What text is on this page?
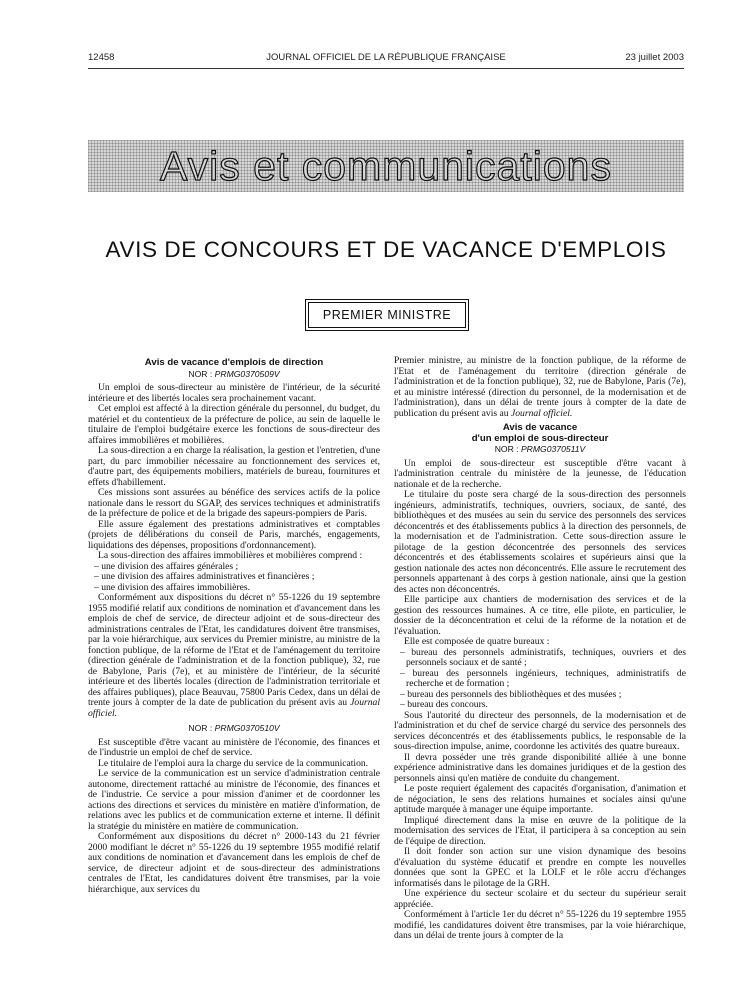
12458	JOURNAL OFFICIEL DE LA RÉPUBLIQUE FRANÇAISE	23 juillet 2003
Avis et communications
AVIS DE CONCOURS ET DE VACANCE D'EMPLOIS
PREMIER MINISTRE

Avis de vacance d'emplois de direction

NOR : PRMG0370509V

Un emploi de sous-directeur au ministère de l'intérieur, de la sécurité intérieure et des libertés locales sera prochainement vacant.

Cet emploi est affecté à la direction générale du personnel, du budget, du matériel et du contentieux de la préfecture de police, au sein de laquelle le titulaire de l'emploi budgétaire exerce les fonctions de sous-directeur des affaires immobilières et mobilières.

La sous-direction a en charge la réalisation, la gestion et l'entretien, d'une part, du parc immobilier nécessaire au fonctionnement des services et, d'autre part, des équipements mobiliers, matériels de bureau, fournitures et effets d'habillement.

Ces missions sont assurées au bénéfice des services actifs de la police nationale dans le ressort du SGAP, des services techniques et administratifs de la préfecture de police et de la brigade des sapeurs-pompiers de Paris.

Elle assure également des prestations administratives et comptables (projets de délibérations du conseil de Paris, marchés, engagements, liquidations des dépenses, propositions d'ordonnancement).

La sous-direction des affaires immobilières et mobilières comprend :

– une division des affaires générales ;
– une division des affaires administratives et financières ;
– une division des affaires immobilières.

Conformément aux dispositions du décret n° 55-1226 du 19 septembre 1955 modifié relatif aux conditions de nomination et d'avancement dans les emplois de chef de service, de directeur adjoint et de sous-directeur des administrations centrales de l'Etat, les candidatures doivent être transmises, par la voie hiérarchique, aux services du Premier ministre, au ministre de la fonction publique, de la réforme de l'Etat et de l'aménagement du territoire (direction générale de l'administration et de la fonction publique), 32, rue de Babylone, Paris (7e), et au ministère de l'intérieur, de la sécurité intérieure et des libertés locales (direction de l'administration territoriale et des affaires publiques), place Beauvau, 75800 Paris Cedex, dans un délai de trente jours à compter de la date de publication du présent avis au Journal officiel.

NOR : PRMG0370510V

Est susceptible d'être vacant au ministère de l'économie, des finances et de l'industrie un emploi de chef de service.

Le titulaire de l'emploi aura la charge du service de la communication.

Le service de la communication est un service d'administration centrale autonome, directement rattaché au ministre de l'économie, des finances et de l'industrie. Ce service a pour mission d'animer et de coordonner les actions des directions et services du ministère en matière d'information, de relations avec les publics et de communication externe et interne. Il définit la stratégie du ministère en matière de communication.

Conformément aux dispositions du décret n° 2000-143 du 21 février 2000 modifiant le décret n° 55-1226 du 19 septembre 1955 modifié relatif aux conditions de nomination et d'avancement dans les emplois de chef de service, de directeur adjoint et de sous-directeur des administrations centrales de l'Etat, les candidatures doivent être transmises, par la voie hiérarchique, aux services du

Premier ministre, au ministre de la fonction publique, de la réforme de l'Etat et de l'aménagement du territoire (direction générale de l'administration et de la fonction publique), 32, rue de Babylone, Paris (7e), et au ministre intéressé (direction du personnel, de la modernisation et de l'administration), dans un délai de trente jours à compter de la date de publication du présent avis au Journal officiel.

Avis de vacance

d'un emploi de sous-directeur

NOR : PRMG0370511V

Un emploi de sous-directeur est susceptible d'être vacant à l'administration centrale du ministère de la jeunesse, de l'éducation nationale et de la recherche.

Le titulaire du poste sera chargé de la sous-direction des personnels ingénieurs, administratifs, techniques, ouvriers, sociaux, de santé, des bibliothèques et des musées au sein du service des personnels des services déconcentrés et des établissements publics à la direction des personnels, de la modernisation et de l'administration. Cette sous-direction assure le pilotage de la gestion déconcentrée des personnels des services déconcentrés et des établissements scolaires et supérieurs ainsi que la gestion nationale des actes non déconcentrés. Elle assure le recrutement des personnels appartenant à des corps à gestion nationale, ainsi que la gestion des actes non déconcentrés.

Elle participe aux chantiers de modernisation des services et de la gestion des ressources humaines. A ce titre, elle pilote, en particulier, le dossier de la déconcentration et celui de la réforme de la notation et de l'évaluation.

Elle est composée de quatre bureaux :

– bureau des personnels administratifs, techniques, ouvriers et des personnels sociaux et de santé ;
– bureau des personnels ingénieurs, techniques, administratifs de recherche et de formation ;
– bureau des personnels des bibliothèques et des musées ;
– bureau des concours.

Sous l'autorité du directeur des personnels, de la modernisation et de l'administration et du chef de service chargé du service des personnels des services déconcentrés et des établissements publics, le responsable de la sous-direction impulse, anime, coordonne les activités des quatre bureaux.

Il devra posséder une très grande disponibilité alliée à une bonne expérience administrative dans les domaines juridiques et de la gestion des personnels ainsi qu'en matière de conduite du changement.

Le poste requiert également des capacités d'organisation, d'animation et de négociation, le sens des relations humaines et sociales ainsi qu'une aptitude marquée à manager une équipe importante.

Impliqué directement dans la mise en œuvre de la politique de la modernisation des services de l'Etat, il participera à sa conception au sein de l'équipe de direction.

Il doit fonder son action sur une vision dynamique des besoins d'évaluation du système éducatif et prendre en compte les nouvelles données que sont la GPEC et la LOLF et le rôle accru d'échanges informatisés dans le pilotage de la GRH.

Une expérience du secteur scolaire et du secteur du supérieur serait appréciée.

Conformément à l'article 1er du décret n° 55-1226 du 19 septembre 1955 modifié, les candidatures doivent être transmises, par la voie hiérarchique, dans un délai de trente jours à compter de la
